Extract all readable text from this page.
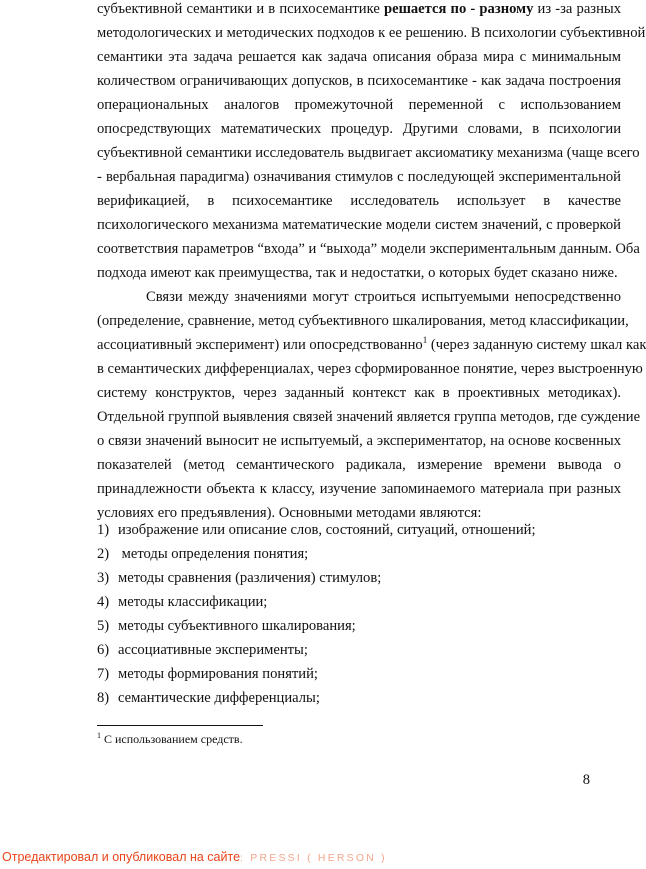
субъективной семантики и в психосемантике решается по - разному из -за разных
методологических и методических подходов к ее решению. В психологии субъективной
семантики эта задача решается как задача описания образа мира с минимальным
количеством ограничивающих допусков, в психосемантике - как задача построения
операциональных аналогов промежуточной переменной с использованием
опосредствующих математических процедур. Другими словами, в психологии
субъективной семантики исследователь выдвигает аксиоматику механизма (чаще всего
- вербальная парадигма) означивания стимулов с последующей экспериментальной
верификацией, в психосемантике исследователь использует в качестве
психологического механизма математические модели систем значений, с проверкой
соответствия параметров “входа” и “выхода” модели экспериментальным данным. Оба
подхода имеют как преимущества, так и недостатки, о которых будет сказано ниже.
Связи между значениями могут строиться испытуемыми непосредственно
(определение, сравнение, метод субъективного шкалирования, метод классификации,
ассоциативный эксперимент) или опосредствованно$^1$ (через заданную систему шкал как
в семантических дифференциалах, через сформированное понятие, через выстроенную
систему конструктов, через заданный контекст как в проективных методиках).
Отдельной группой выявления связей значений является группа методов, где суждение
о связи значений выносит не испытуемый, а экспериментатор, на основе косвенных
показателей (метод семантического радикала, измерение времени вывода о
принадлежности объекта к классу, изучение запоминаемого материала при разных
условиях его предъявления). Основными методами являются:
1) изображение или описание слов, состояний, ситуаций, отношений;
2) методы определения понятия;
3) методы сравнения (различения) стимулов;
4) методы классификации;
5) методы субъективного шкалирования;
6) ассоциативные эксперименты;
7) методы формирования понятий;
8) семантические дифференциалы;
$^1$ С использованием средств.
8
Отредактировал и опубликовал на сайте: PRESSI ( HERSON )
